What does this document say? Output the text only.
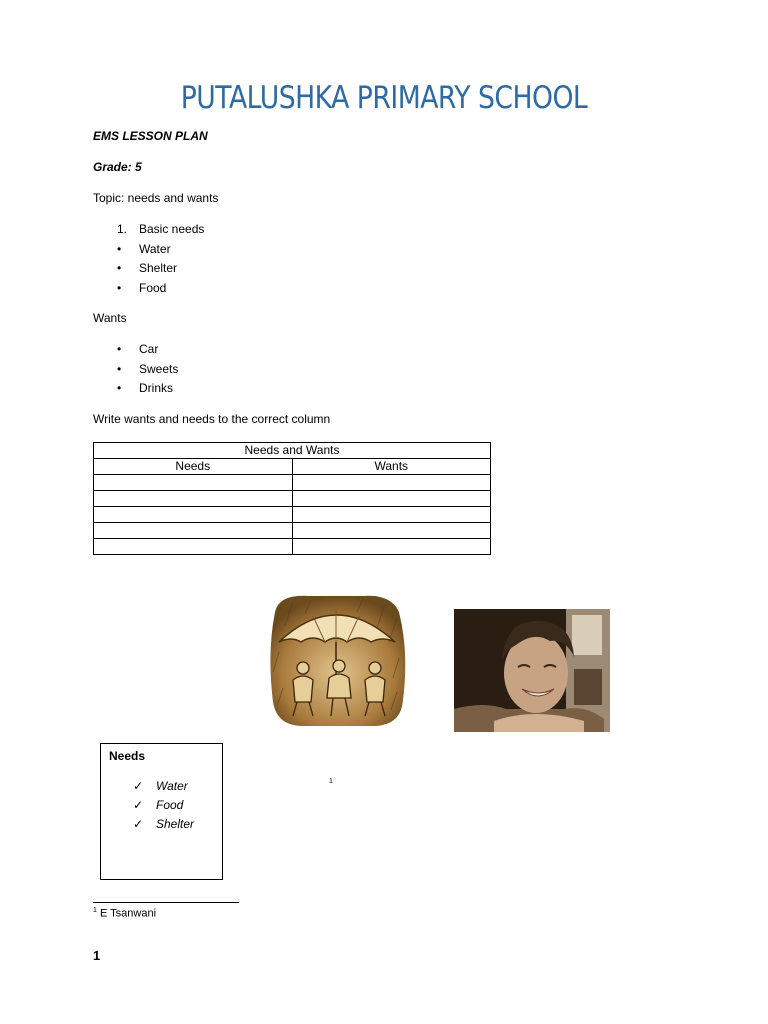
PUTALUSHKA PRIMARY SCHOOL
EMS LESSON PLAN
Grade: 5
Topic: needs and wants
1. Basic needs
• Water
• Shelter
• Food
Wants
• Car
• Sweets
• Drinks
Write wants and needs to the correct column
Needs and Wants	
Needs	Wants

Needs
✓ Water
✓ Food
✓ Shelter
1
$^1$ E Tsanwani
1
